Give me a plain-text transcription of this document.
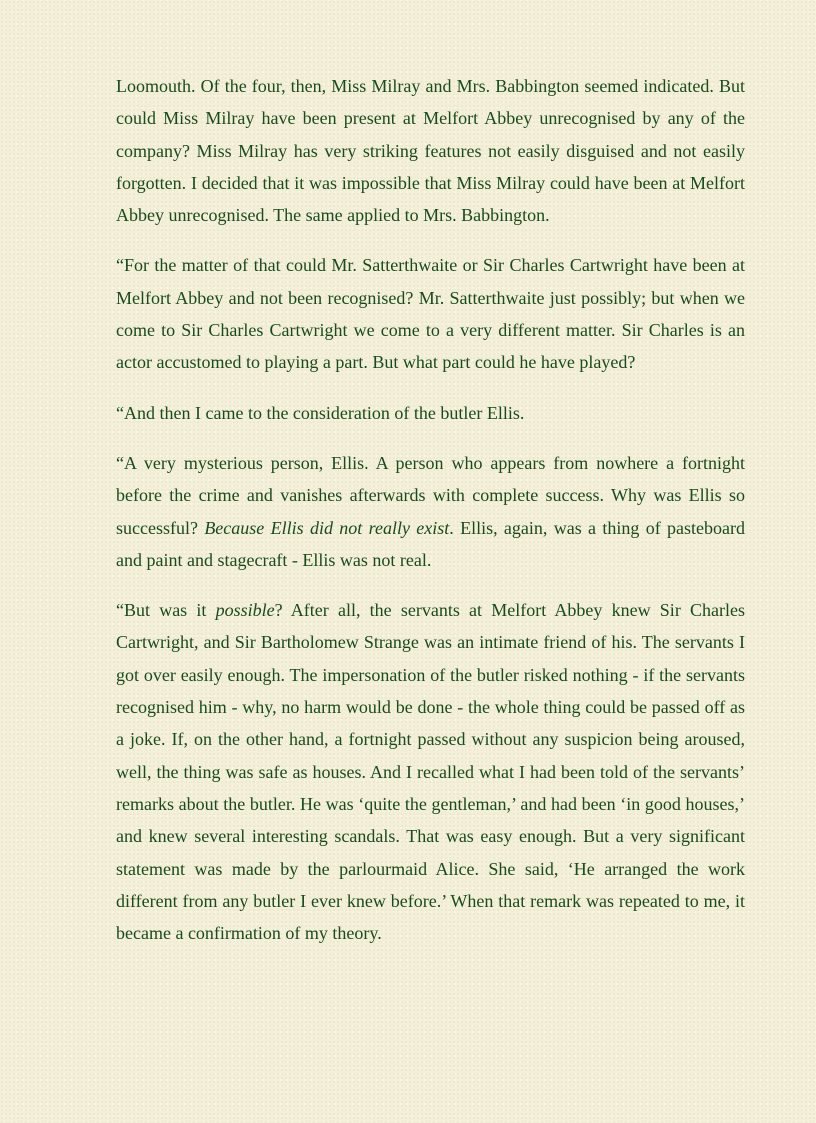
Loomouth. Of the four, then, Miss Milray and Mrs. Babbington seemed indicated. But could Miss Milray have been present at Melfort Abbey unrecognised by any of the company? Miss Milray has very striking features not easily disguised and not easily forgotten. I decided that it was impossible that Miss Milray could have been at Melfort Abbey unrecognised. The same applied to Mrs. Babbington.

“For the matter of that could Mr. Satterthwaite or Sir Charles Cartwright have been at Melfort Abbey and not been recognised? Mr. Satterthwaite just possibly; but when we come to Sir Charles Cartwright we come to a very different matter. Sir Charles is an actor accustomed to playing a part. But what part could he have played?

“And then I came to the consideration of the butler Ellis.

“A very mysterious person, Ellis. A person who appears from nowhere a fortnight before the crime and vanishes afterwards with complete success. Why was Ellis so successful? Because Ellis did not really exist. Ellis, again, was a thing of pasteboard and paint and stagecraft - Ellis was not real.

“But was it possible? After all, the servants at Melfort Abbey knew Sir Charles Cartwright, and Sir Bartholomew Strange was an intimate friend of his. The servants I got over easily enough. The impersonation of the butler risked nothing - if the servants recognised him - why, no harm would be done - the whole thing could be passed off as a joke. If, on the other hand, a fortnight passed without any suspicion being aroused, well, the thing was safe as houses. And I recalled what I had been told of the servants’ remarks about the butler. He was ‘quite the gentleman,’ and had been ‘in good houses,’ and knew several interesting scandals. That was easy enough. But a very significant statement was made by the parlourmaid Alice. She said, ‘He arranged the work different from any butler I ever knew before.’ When that remark was repeated to me, it became a confirmation of my theory.
